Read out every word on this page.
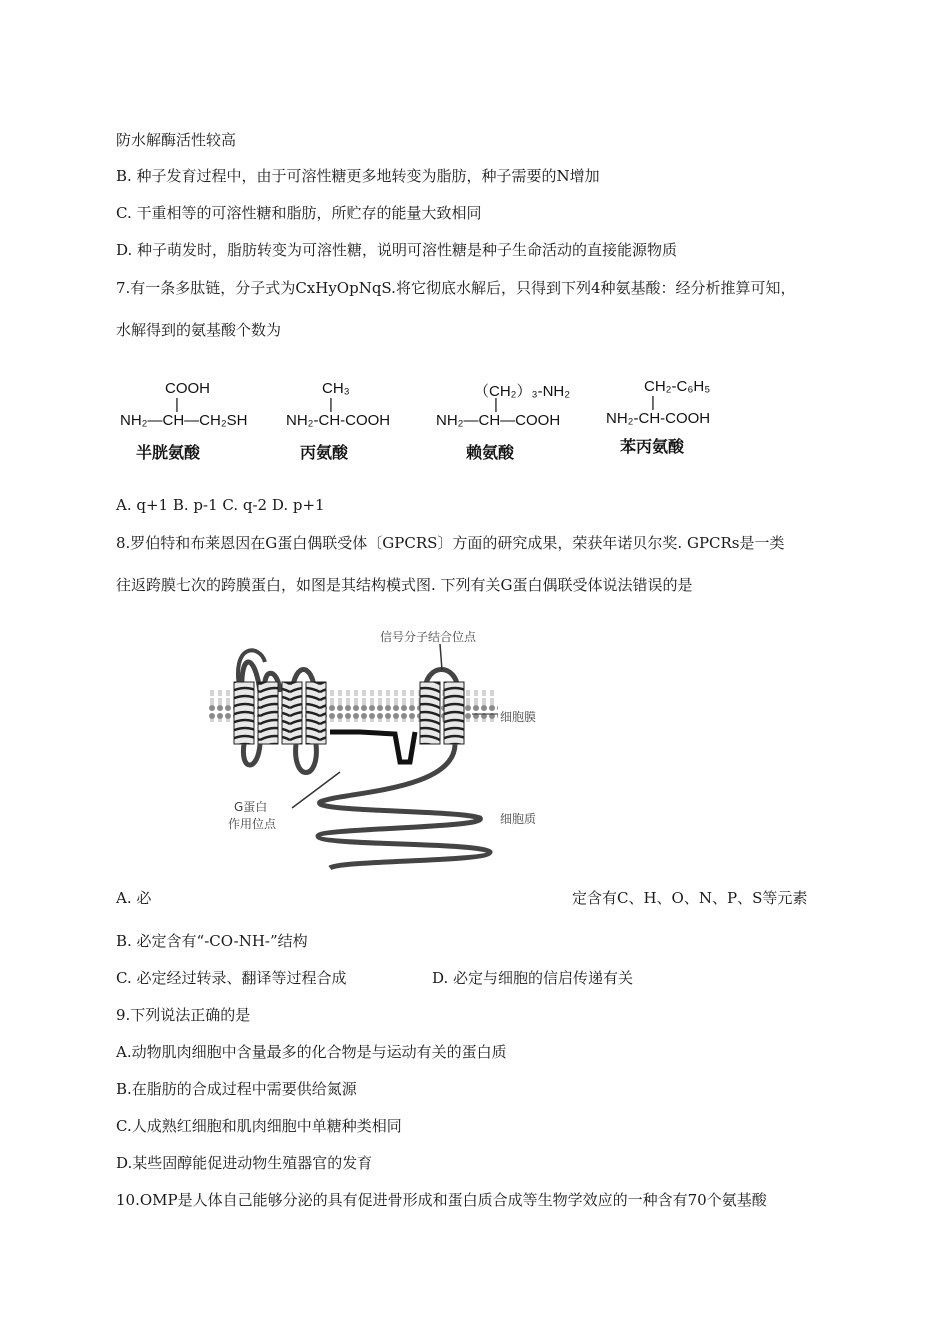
防水解酶活性较高
B. 种子发育过程中，由于可溶性糖更多地转变为脂肪，种子需要的N增加
C. 干重相等的可溶性糖和脂肪，所贮存的能量大致相同
D. 种子萌发时，脂肪转变为可溶性糖，说明可溶性糖是种子生命活动的直接能源物质
7.有一条多肽链，分子式为CxHyOpNqS.将它彻底水解后，只得到下列4种氨基酸：经分析推算可知，
水解得到的氨基酸个数为
COOH
|
NH₂—CH—CH₂SH
半胱氨酸
CH₃
|
NH₂-CH-COOH
丙氨酸
（CH₂）₃-NH₂
|
NH₂—CH—COOH
赖氨酸
CH₂-C₆H₅
|
NH₂-CH-COOH
苯丙氨酸
A. q+1 B. p-1 C. q-2 D. p+1
8.罗伯特和布莱恩因在G蛋白偶联受体〔GPCRS〕方面的研究成果，荣获年诺贝尔奖. GPCRs是一类
往返跨膜七次的跨膜蛋白，如图是其结构模式图. 下列有关G蛋白偶联受体说法错误的是
信号分子结合位点
细胞膜
G蛋白
作用位点	细胞质
A. 必	定含有C、H、O、N、P、S等元素
B. 必定含有“-CO-NH-”结构
C. 必定经过转录、翻译等过程合成	D. 必定与细胞的信启传递有关
9.下列说法正确的是
A.动物肌肉细胞中含量最多的化合物是与运动有关的蛋白质
B.在脂肪的合成过程中需要供给氮源
C.人成熟红细胞和肌肉细胞中单糖种类相同
D.某些固醇能促进动物生殖器官的发育
10.OMP是人体自己能够分泌的具有促进骨形成和蛋白质合成等生物学效应的一种含有70个氨基酸
